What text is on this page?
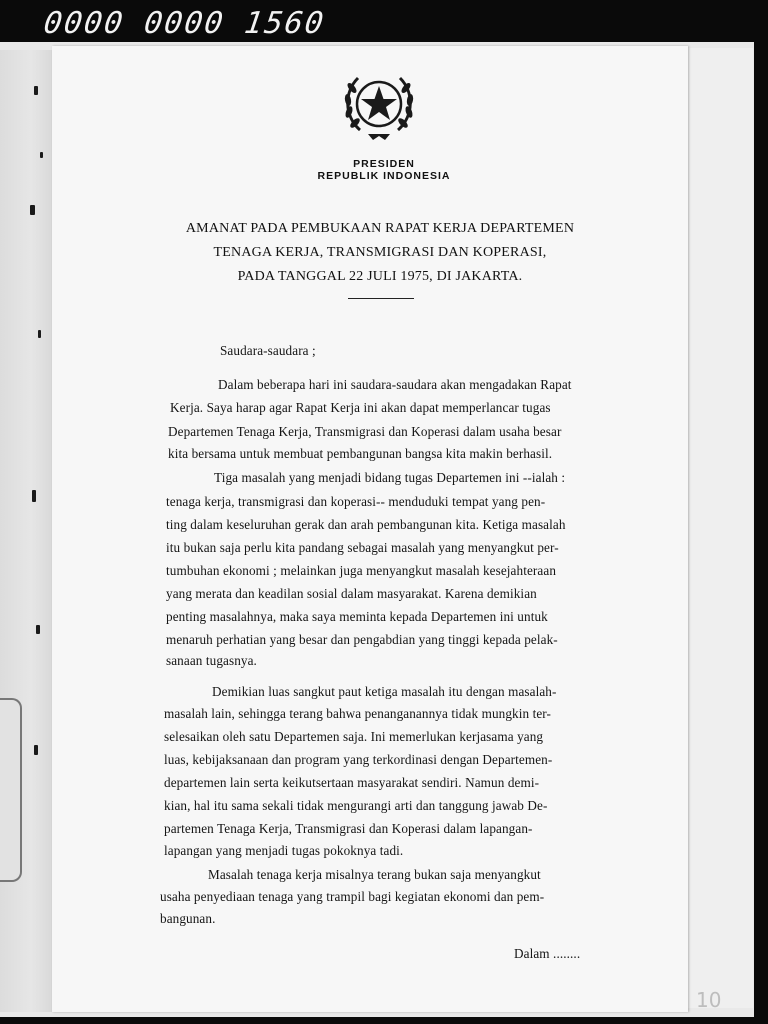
0000 0000 1560
PRESIDEN
REPUBLIK INDONESIA
AMANAT PADA PEMBUKAAN RAPAT KERJA DEPARTEMEN
TENAGA KERJA, TRANSMIGRASI DAN KOPERASI,
PADA TANGGAL 22 JULI 1975, DI JAKARTA.
Saudara-saudara ;
Dalam beberapa hari ini saudara-saudara akan mengadakan Rapat
Kerja. Saya harap agar Rapat Kerja ini akan dapat memperlancar tugas
Departemen Tenaga Kerja, Transmigrasi dan Koperasi dalam usaha besar
kita bersama untuk membuat pembangunan bangsa kita makin berhasil.
Tiga masalah yang menjadi bidang tugas Departemen ini --ialah :
tenaga kerja, transmigrasi dan koperasi-- menduduki tempat yang pen-
ting dalam keseluruhan gerak dan arah pembangunan kita. Ketiga masalah
itu bukan saja perlu kita pandang sebagai masalah yang menyangkut per-
tumbuhan ekonomi ; melainkan juga menyangkut masalah kesejahteraan
yang merata dan keadilan sosial dalam masyarakat. Karena demikian
penting masalahnya, maka saya meminta kepada Departemen ini untuk
menaruh perhatian yang besar dan pengabdian yang tinggi kepada pelak-
sanaan tugasnya.
Demikian luas sangkut paut ketiga masalah itu dengan masalah-
masalah lain, sehingga terang bahwa penanganannya tidak mungkin ter-
selesaikan oleh satu Departemen saja. Ini memerlukan kerjasama yang
luas, kebijaksanaan dan program yang terkordinasi dengan Departemen-
departemen lain serta keikutsertaan masyarakat sendiri. Namun demi-
kian, hal itu sama sekali tidak mengurangi arti dan tanggung jawab De-
partemen Tenaga Kerja, Transmigrasi dan Koperasi dalam lapangan-
lapangan yang menjadi tugas pokoknya tadi.
Masalah tenaga kerja misalnya terang bukan saja menyangkut
usaha penyediaan tenaga yang trampil bagi kegiatan ekonomi dan pem-
bangunan.
Dalam ........
10
